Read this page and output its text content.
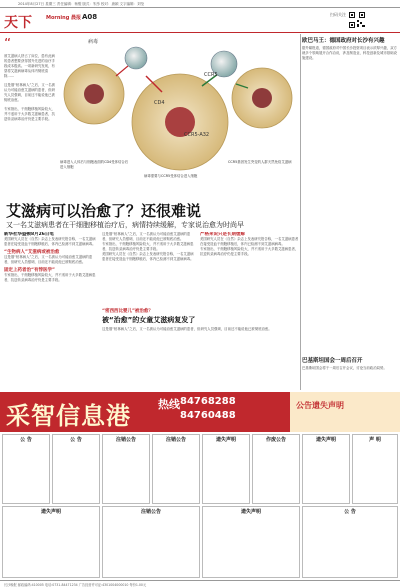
2014年8月27日 星期三 责任编辑：杨骏 版式：朱彤 校对：唐颖 文字编辑：刘莹
天下	Morning 晨报 A08	扫码关注
“
被艾滋病人挤占了床位，患有此病的患者想要获得国外先进的治疗手段成本极高。一项新研究发现，有望将艾滋病病毒从体内彻底清除……
这是继“柏林病人”之后，又一名被认为可能治愈艾滋病的患者，但研究人员强调，目前还不能说他已被彻底治愈。
专家指出，干细胞移植风险较大，并不适用于大多数艾滋病患者，抗逆转录病毒治疗仍是主要手段。
病毒
CCR5
CD4
CCR5-A32
病毒进入人体后与细胞表面的CD4受体结合后进入细胞
病毒需要与CCR5受体结合进入细胞
CCR5基因发生突变的人群天然免疫艾滋病
艾滋病可以治愈了？还很难说
又一名艾滋病患者在干细胞移植治疗后，病情持续缓解，专家说治愈为时尚早
新华社华盛顿8月26日电
美国研究人员在《自然》杂志上发表研究报告称，一名艾滋病患者在接受造血干细胞移植后，体内已检测不到艾滋病病毒。
“生物病人”艾滋病或被治愈
这是继“柏林病人”之后，又一名被认为可能治愈艾滋病的患者，但研究人员强调，目前还不能说他已被彻底治愈。
固定上药者治“有悖医学”
专家指出，干细胞移植风险较大，并不适用于大多数艾滋病患者，抗逆转录病毒治疗仍是主要手段。
这是继“柏林病人”之后，又一名被认为可能治愈艾滋病的患者，但研究人员强调，目前还不能说他已被彻底治愈。
专家指出，干细胞移植风险较大，并不适用于大多数艾滋病患者，抗逆转录病毒治疗仍是主要手段。
美国研究人员在《自然》杂志上发表研究报告称，一名艾滋病患者在接受造血干细胞移植后，体内已检测不到艾滋病病毒。
严格来说只是长期缓解
美国研究人员在《自然》杂志上发表研究报告称，一名艾滋病患者在接受造血干细胞移植后，体内已检测不到艾滋病病毒。
专家指出，干细胞移植风险较大，并不适用于大多数艾滋病患者，抗逆转录病毒治疗仍是主要手段。
“密西西比婴儿”被治愈？
被“治愈”的女童艾滋病复发了
这是继“柏林病人”之后，又一名被认为可能治愈艾滋病的患者，但研究人员强调，目前还不能说他已被彻底治愈。
欧巴马王：德国政府对长沙有兴趣
据外媒报道，德国政府对中国长沙投资项目表示浓厚兴趣，双方就多个领域展开合作洽谈，涉及制造业、科技创新及城市基础设施建设。
巴基斯坦国会一周后召开
巴基斯坦国会将于一周后召开会议，讨论当前政治局势。
采智信息港 热线 84768288
84760488
公告遗失声明
公 告	公 告	注销公告	注销公告	遗失声明	作废公告	遗失声明	声 明
遗失声明	注销公告	遗失声明	公 告
长沙晚报 邮政编码:410005 电话:0731-84471234 广告经营许可证:4301004000010 每份1.00元
